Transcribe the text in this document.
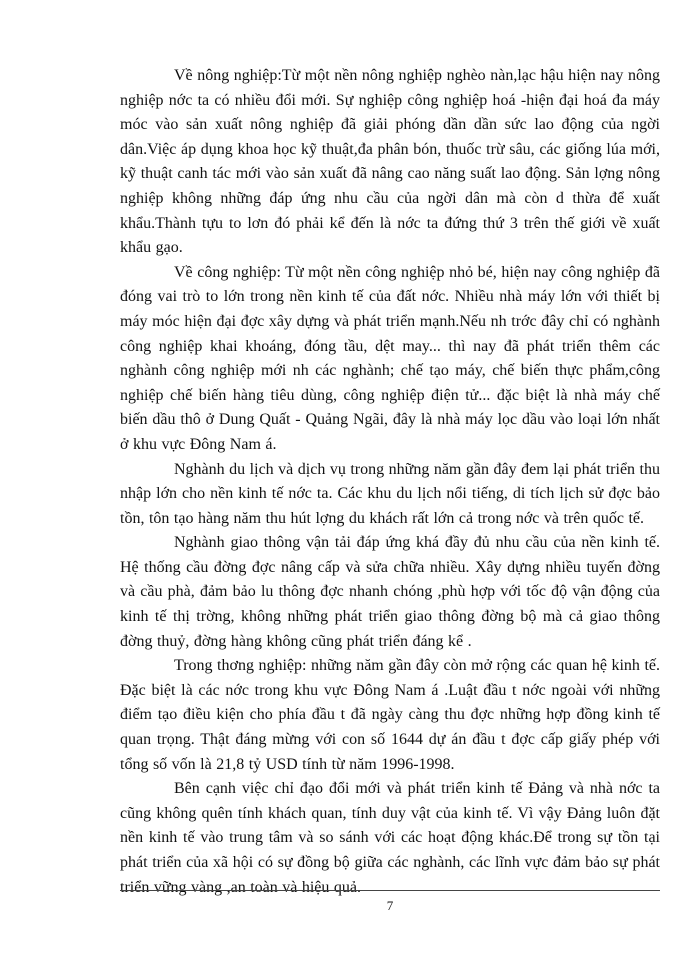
Về nông nghiệp:Từ một nền nông nghiệp nghèo nàn,lạc hậu hiện nay nông nghiệp nớc ta có nhiều đổi mới. Sự nghiệp công nghiệp hoá -hiện đại hoá đa máy móc vào sản xuất nông nghiệp đã giải phóng dần dần sức lao động của ngời dân.Việc áp dụng khoa học kỹ thuật,đa phân bón, thuốc trừ sâu, các giống lúa mới, kỹ thuật canh tác mới vào sản xuất đã nâng cao năng suất lao động. Sản lợng nông nghiệp không những đáp ứng nhu cầu của ngời dân mà còn d thừa để xuất khẩu.Thành tựu to lơn đó phải kể đến là nớc ta đứng thứ 3 trên thế giới về xuất khẩu gạo.

Về công nghiệp: Từ một nền công nghiệp nhỏ bé, hiện nay công nghiệp đã đóng vai trò to lớn trong nền kinh tế của đất nớc. Nhiều nhà máy lớn với thiết bị máy móc hiện đại đợc xây dựng và phát triển mạnh.Nếu nh trớc đây chỉ có nghành công nghiệp khai khoáng, đóng tầu, dệt may... thì nay đã phát triển thêm các nghành công nghiệp mới nh các nghành; chế tạo máy, chế biến thực phẩm,công nghiệp chế biến hàng tiêu dùng, công nghiệp điện tử... đặc biệt là nhà máy chế biến dầu thô ở Dung Quất - Quảng Ngãi, đây là nhà máy lọc dầu vào loại lớn nhất ở khu vực Đông Nam á.

Nghành du lịch và dịch vụ trong những năm gần đây đem lại phát triển thu nhập lớn cho nền kinh tế nớc ta. Các khu du lịch nổi tiếng, di tích lịch sử đợc bảo tồn, tôn tạo hàng năm thu hút lợng du khách rất lớn cả trong nớc và trên quốc tế.

Nghành giao thông vận tải đáp ứng khá đầy đủ nhu cầu của nền kinh tế. Hệ thống cầu đờng đợc nâng cấp và sửa chữa nhiều. Xây dựng nhiều tuyến đờng và cầu phà, đảm bảo lu thông đợc nhanh chóng ,phù hợp với tốc độ vận động của kinh tế thị trờng, không những phát triển giao thông đờng bộ mà cả giao thông đờng thuỷ, đờng hàng không cũng phát triển đáng kể .

Trong thơng nghiệp: những năm gần đây còn mở rộng các quan hệ kinh tế. Đặc biệt là các nớc trong khu vực Đông Nam á .Luật đầu t nớc ngoài với những điểm tạo điều kiện cho phía đầu t đã ngày càng thu đợc những hợp đồng kinh tế quan trọng. Thật đáng mừng với con số 1644 dự án đầu t đợc cấp giấy phép với tổng số vốn là 21,8 tỷ USD tính từ năm 1996-1998.

Bên cạnh việc chỉ đạo đổi mới và phát triển kinh tế Đảng và nhà nớc ta cũng không quên tính khách quan, tính duy vật của kinh tế. Vì vậy Đảng luôn đặt nền kinh tế vào trung tâm và so sánh với các hoạt động khác.Để trong sự tồn tại phát triển của xã hội có sự đồng bộ giữa các nghành, các lĩnh vực đảm bảo sự phát triển vững vàng ,an toàn và hiệu quả.

7
